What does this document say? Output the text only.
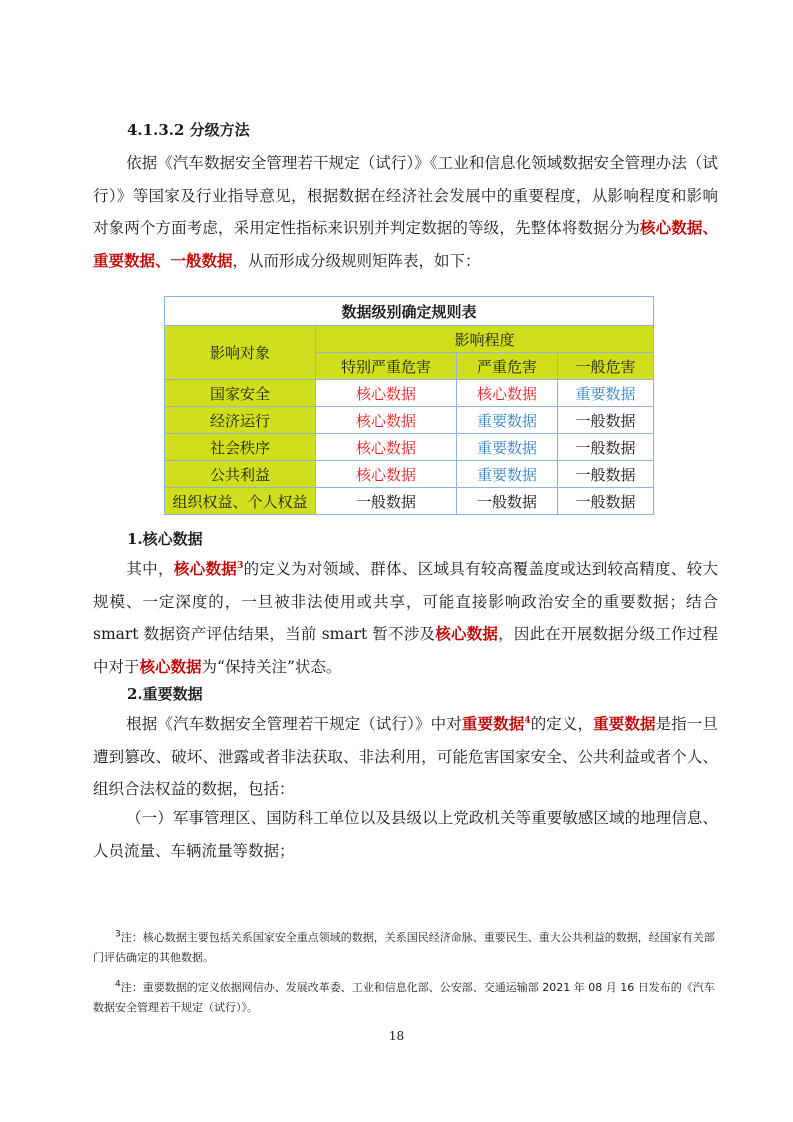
4.1.3.2 分级方法

依据《汽车数据安全管理若干规定（试行）》《工业和信息化领域数据安全管理办法（试行）》等国家及行业指导意见，根据数据在经济社会发展中的重要程度，从影响程度和影响对象两个方面考虑，采用定性指标来识别并判定数据的等级，先整体将数据分为核心数据、重要数据、一般数据，从而形成分级规则矩阵表，如下：

数据级别确定规则表			
影响对象	影响程度		
	特别严重危害	严重危害	一般危害
国家安全	核心数据	核心数据	重要数据
经济运行	核心数据	重要数据	一般数据
社会秩序	核心数据	重要数据	一般数据
公共利益	核心数据	重要数据	一般数据
组织权益、个人权益	一般数据	一般数据	一般数据
1.核心数据

其中，核心数据$^3$的定义为对领域、群体、区域具有较高覆盖度或达到较高精度、较大规模、一定深度的，一旦被非法使用或共享，可能直接影响政治安全的重要数据；结合 smart 数据资产评估结果，当前 smart 暂不涉及核心数据，因此在开展数据分级工作过程中对于核心数据为“保持关注”状态。

2.重要数据

根据《汽车数据安全管理若干规定（试行）》中对重要数据$^4$的定义，重要数据是指一旦遭到篡改、破坏、泄露或者非法获取、非法利用，可能危害国家安全、公共利益或者个人、组织合法权益的数据，包括：

（一）军事管理区、国防科工单位以及县级以上党政机关等重要敏感区域的地理信息、人员流量、车辆流量等数据；

$^3$注：核心数据主要包括关系国家安全重点领域的数据，关系国民经济命脉、重要民生、重大公共利益的数据，经国家有关部门评估确定的其他数据。

$^4$注：重要数据的定义依据网信办、发展改革委、工业和信息化部、公安部、交通运输部 2021 年 08 月 16 日发布的《汽车数据安全管理若干规定（试行）》。

18
